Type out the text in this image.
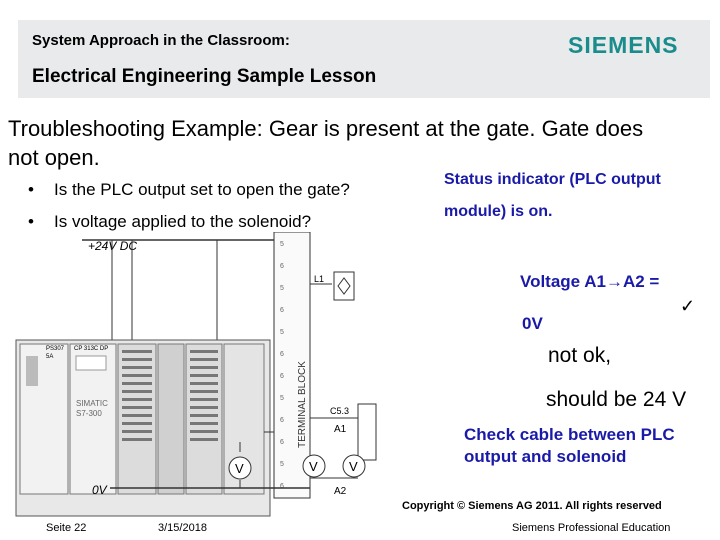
System Approach in the Classroom:	SIEMENS
Electrical Engineering Sample Lesson
Troubleshooting Example: Gear is present at the gate. Gate does not open.
• Is the PLC output set to open the gate?
• Is voltage applied to the solenoid?
+24V DC	5
6
5
6
5
6
6
5
6
6
5
6
TERMINAL BLOCK
L1
PS307
5A
CP 313C DP
SIMATIC
S7-300	C5.3
A1
A2
V	V V
0V
Status indicator (PLC output module) is on.
Voltage A1→A2 =
✓
0V
not ok,
should be 24 V
Check cable between PLC output and solenoid
Copyright © Siemens AG 2011. All rights reserved
Seite 22	3/15/2018	Siemens Professional Education
